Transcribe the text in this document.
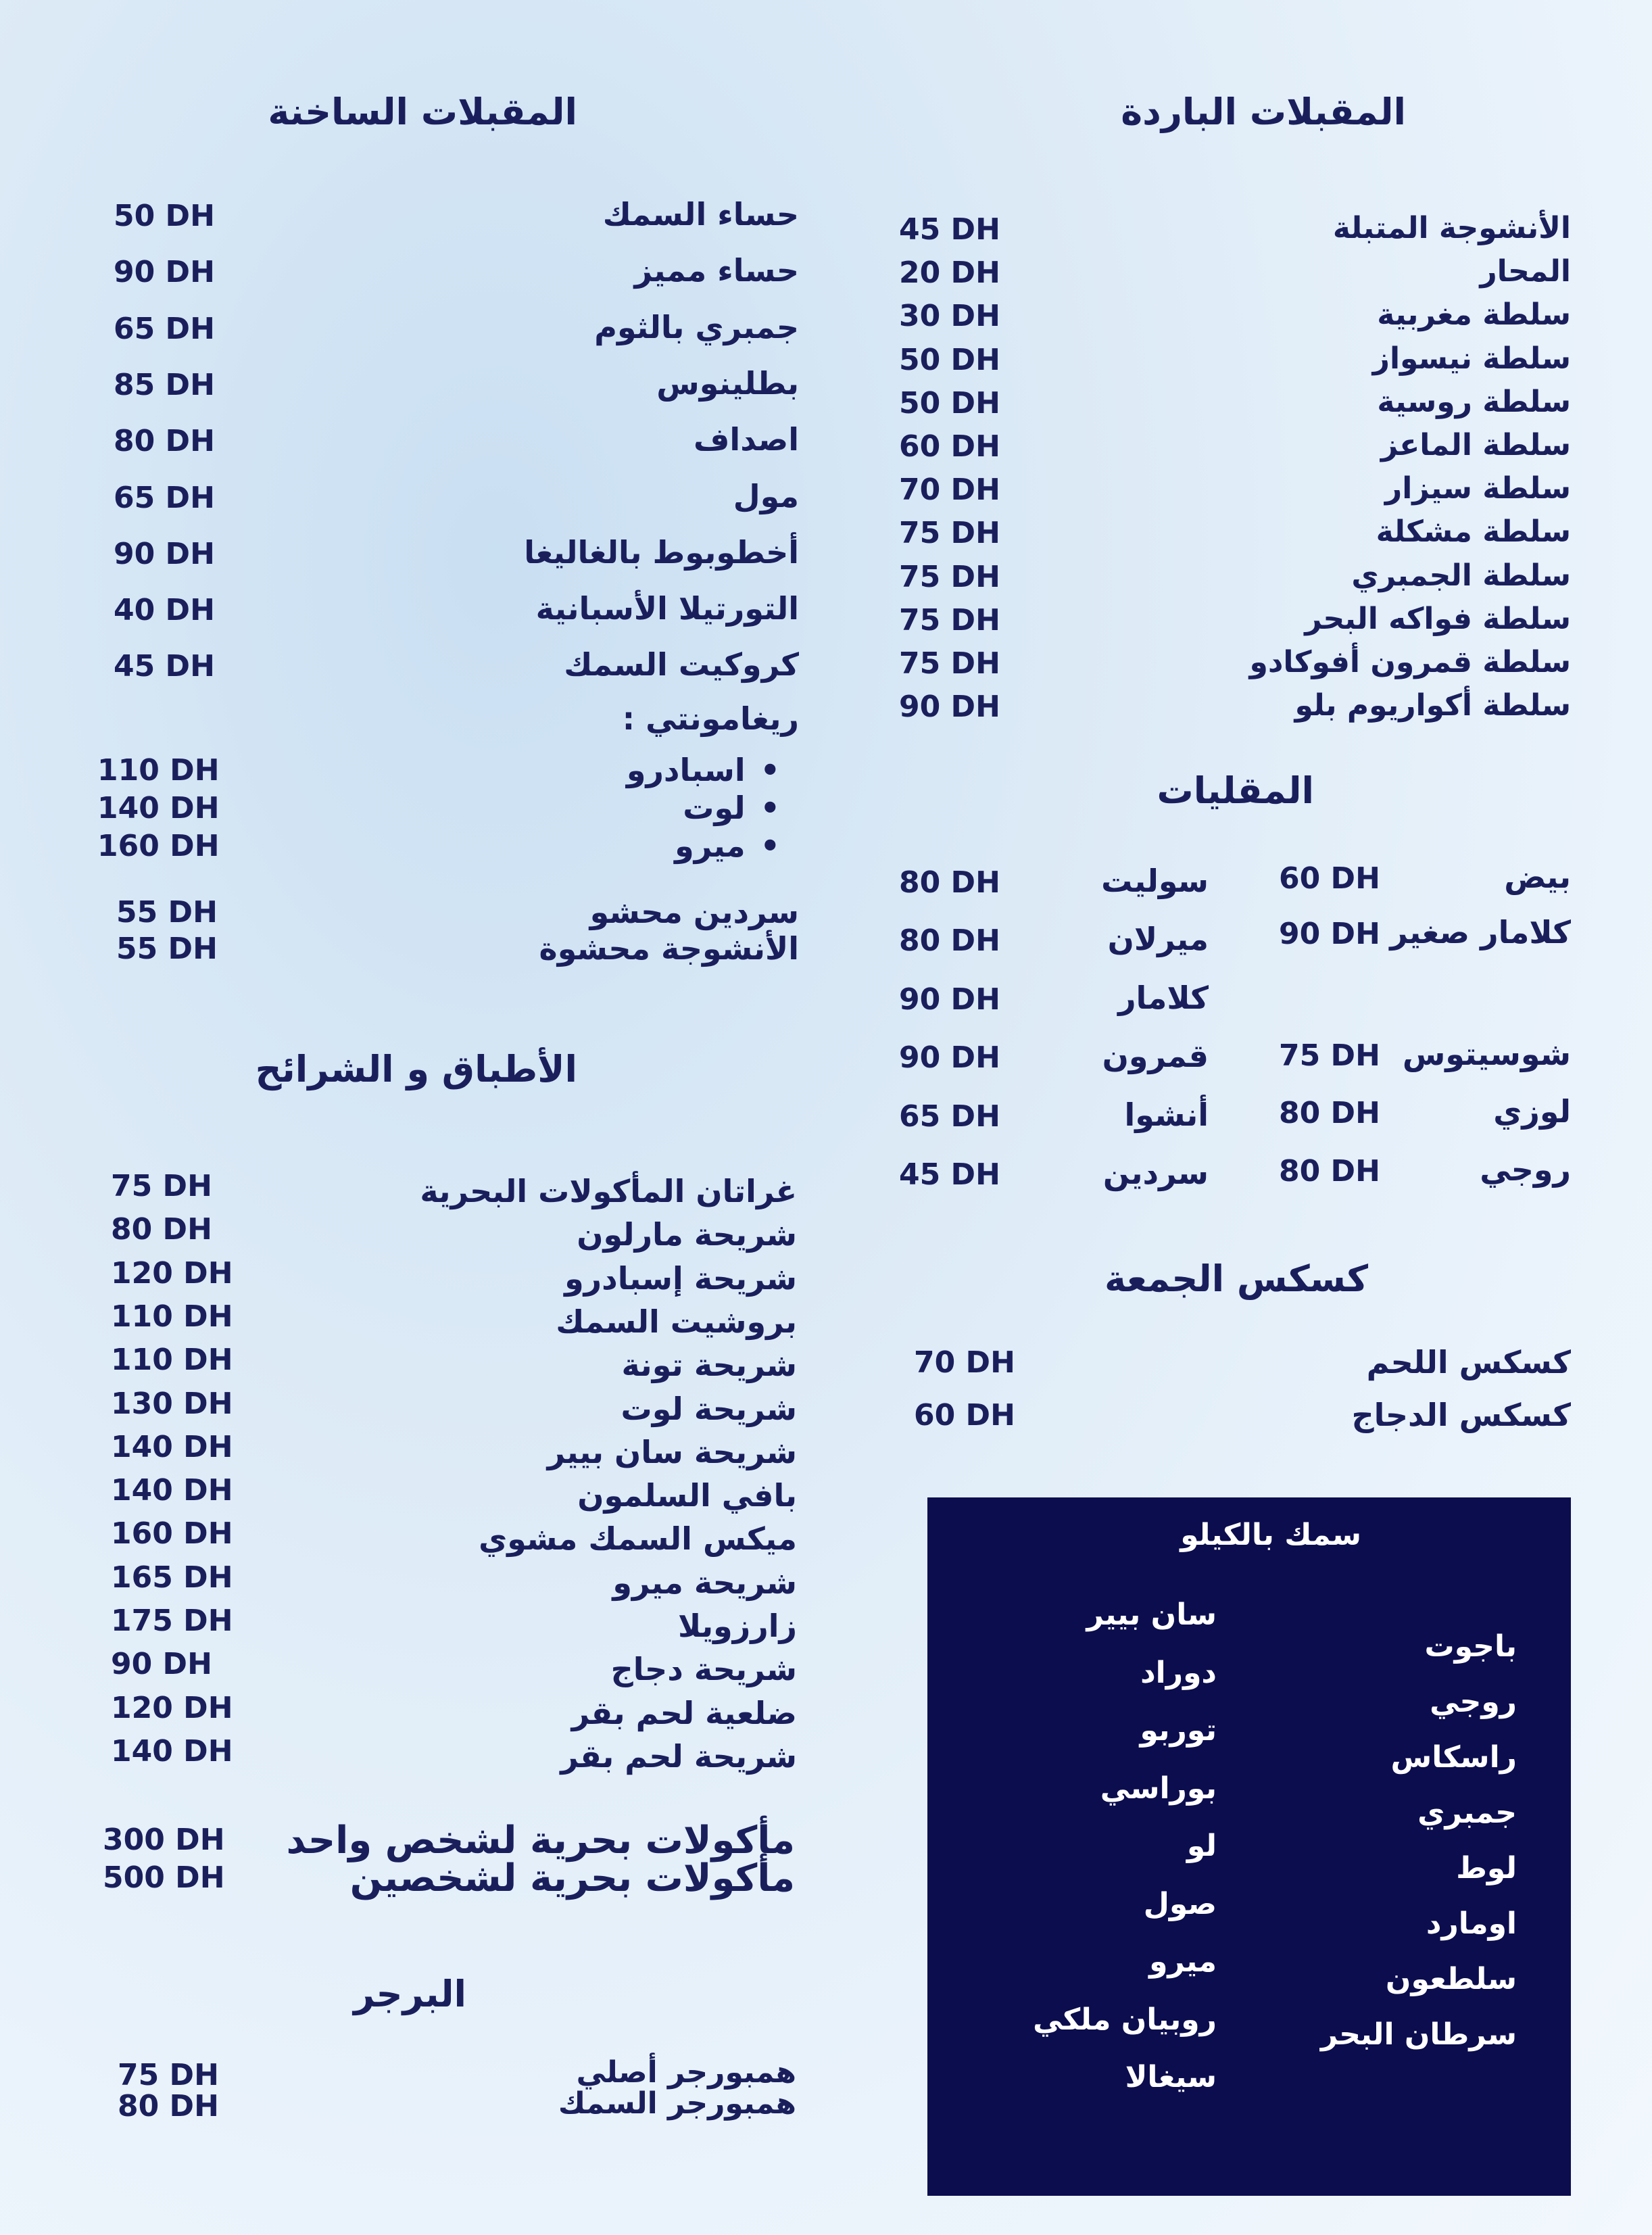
المقبلات الباردة
المقليات
كسكس الجمعة
سمك بالكيلو
سان بيير
دوراد
توربو
بوراسي
لو
صول
ميرو
روبيان ملكي
سيغالا
باجوت
روجي
راسكاس
جمبري
لوط
اومارد
سلطعون
سرطان البحر
المقبلات الساخنة
ريغامونتي :
الأطباق و الشرائح
البرجر
الأنشوجة المتبلة
45 DH
المحار
20 DH
سلطة مغربية
30 DH
سلطة نيسواز
50 DH
سلطة روسية
50 DH
سلطة الماعز
60 DH
سلطة سيزار
70 DH
سلطة مشكلة
75 DH
سلطة الجمبري
75 DH
سلطة فواكه البحر
75 DH
سلطة قمرون أفوكادو
75 DH
سلطة أكواريوم بلو
90 DH
حساء السمك
50 DH
حساء مميز
90 DH
جمبري بالثوم
65 DH
بطلينوس
85 DH
اصداف
80 DH
مول
65 DH
أخطوبوط بالغاليغا
90 DH
التورتيلا الأسبانية
40 DH
كروكيت السمك
45 DH
•اسبادرو
110 DH
•لوت
140 DH
•ميرو
160 DH
سردين محشو
55 DH
الأنشوجة محشوة
55 DH
بيض
60 DH
كلامار صغير
90 DH
شوسيتوس
75 DH
لوزي
80 DH
روجي
80 DH
سوليت
80 DH
ميرلان
80 DH
كلامار
90 DH
قمرون
90 DH
أنشوا
65 DH
سردين
45 DH
كسكس اللحم
70 DH
كسكس الدجاج
60 DH
غراتان المأكولات البحرية
75 DH
شريحة مارلون
80 DH
شريحة إسبادرو
120 DH
بروشيت السمك
110 DH
شريحة تونة
110 DH
شريحة لوت
130 DH
شريحة سان بيير
140 DH
بافي السلمون
140 DH
ميكس السمك مشوي
160 DH
شريحة ميرو
165 DH
زارزويلا
175 DH
شريحة دجاج
90 DH
ضلعية لحم بقر
120 DH
شريحة لحم بقر
140 DH
مأكولات بحرية لشخص واحد
300 DH
مأكولات بحرية لشخصين
500 DH
همبورجر أصلي
75 DH
همبورجر السمك
80 DH
